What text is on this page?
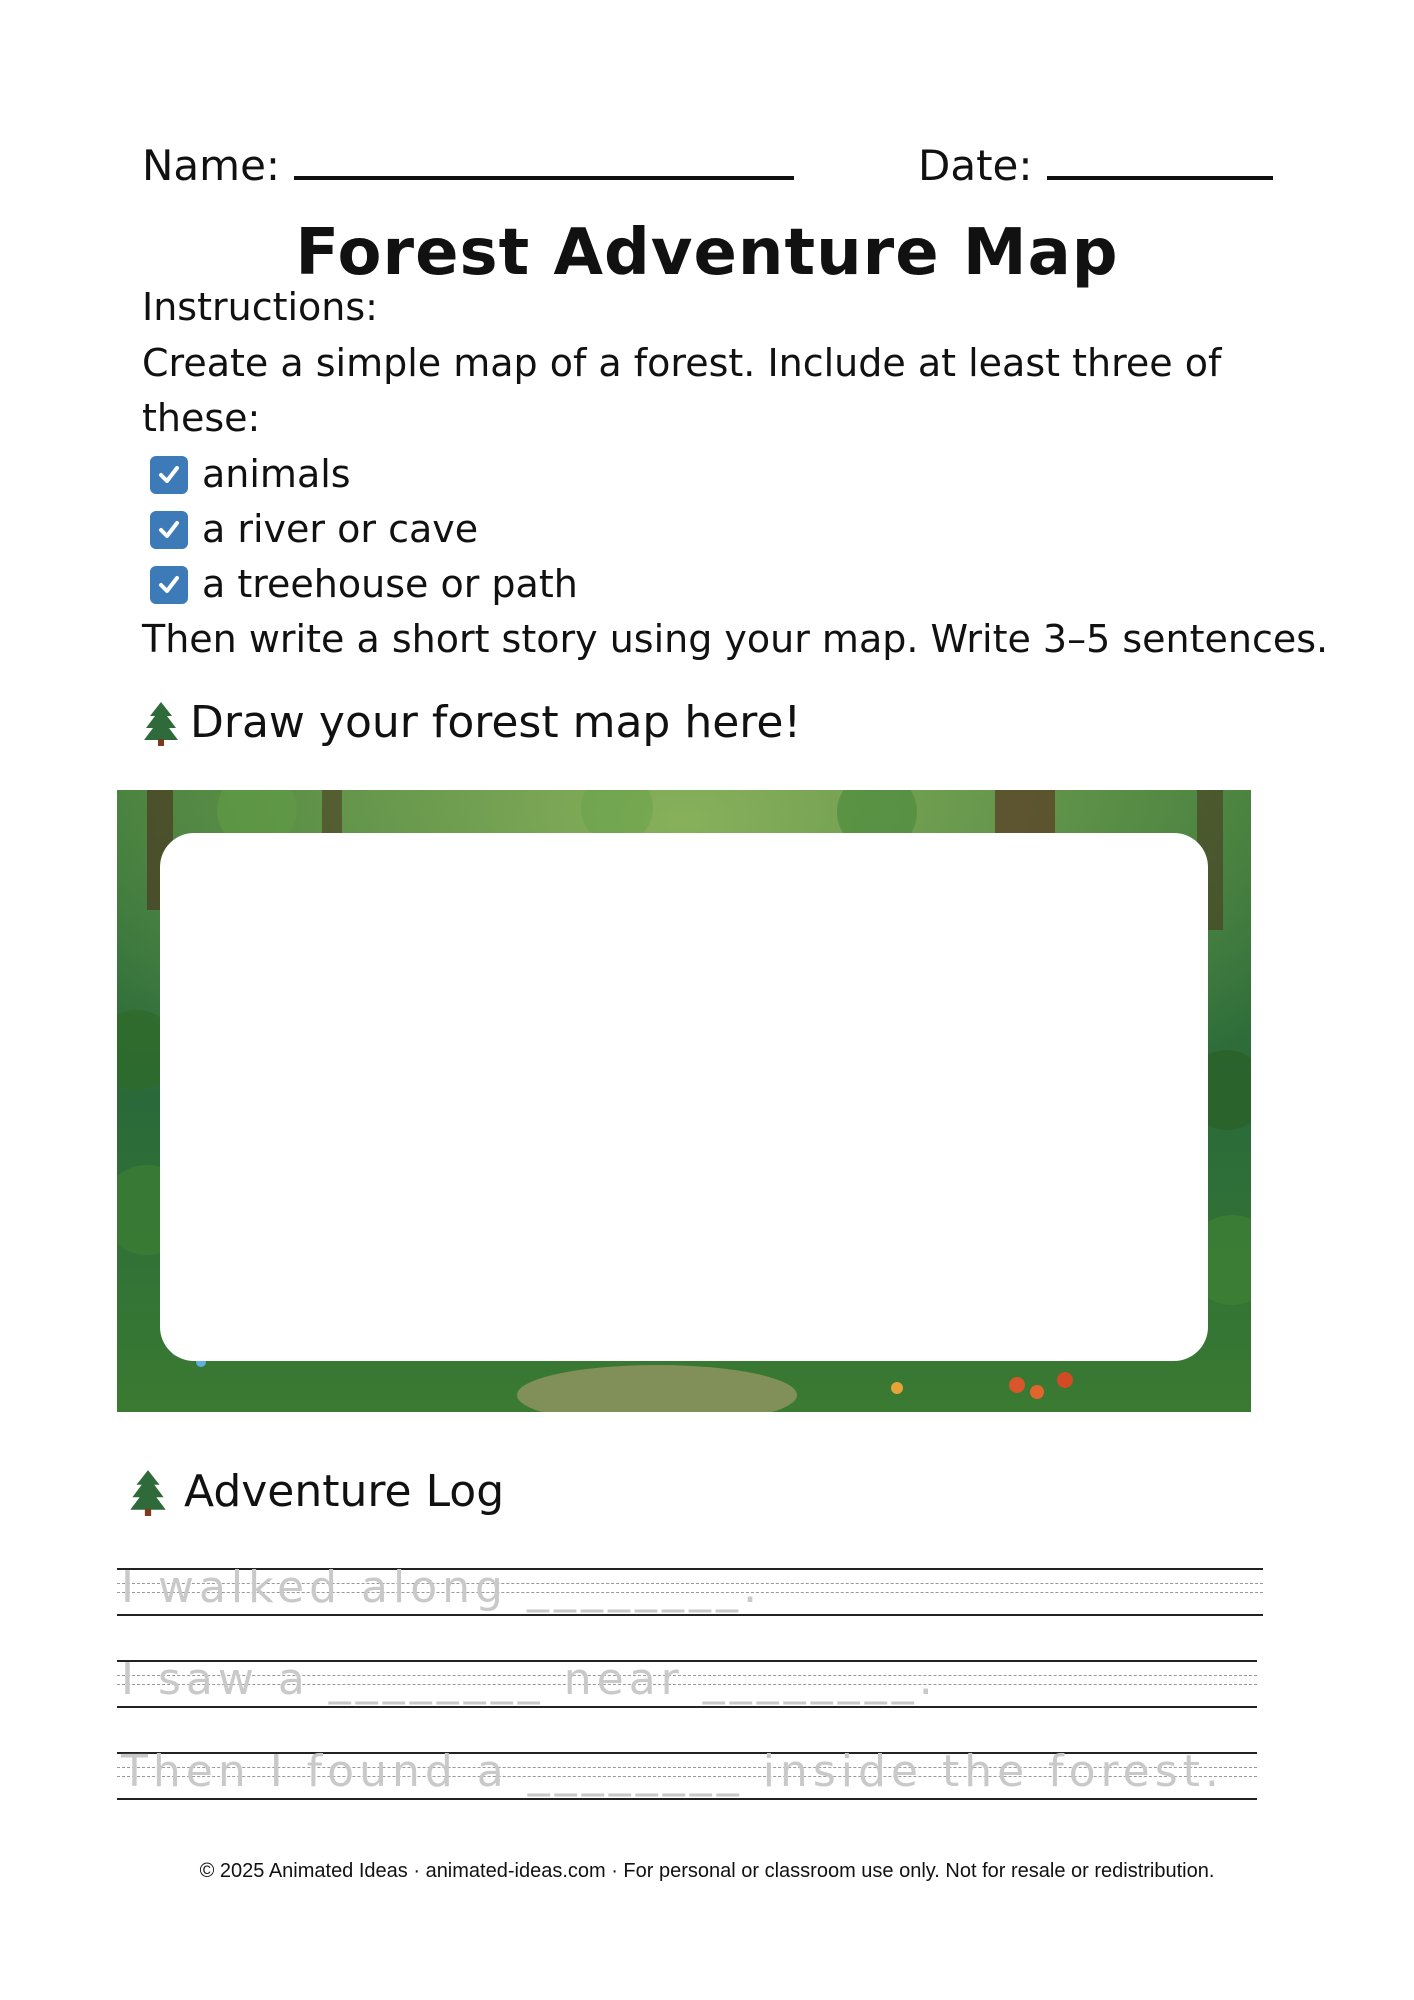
Name:	Date:
Forest Adventure Map
Instructions:
Create a simple map of a forest. Include at least three of these:
animals
a river or cave
a treehouse or path
Then write a short story using your map. Write 3–5 sentences.
Draw your forest map here!
Adventure Log
I walked along ________.
I saw a ________ near ________.
Then I found a ________ inside the forest.
© 2025 Animated Ideas · animated-ideas.com · For personal or classroom use only. Not for resale or redistribution.
